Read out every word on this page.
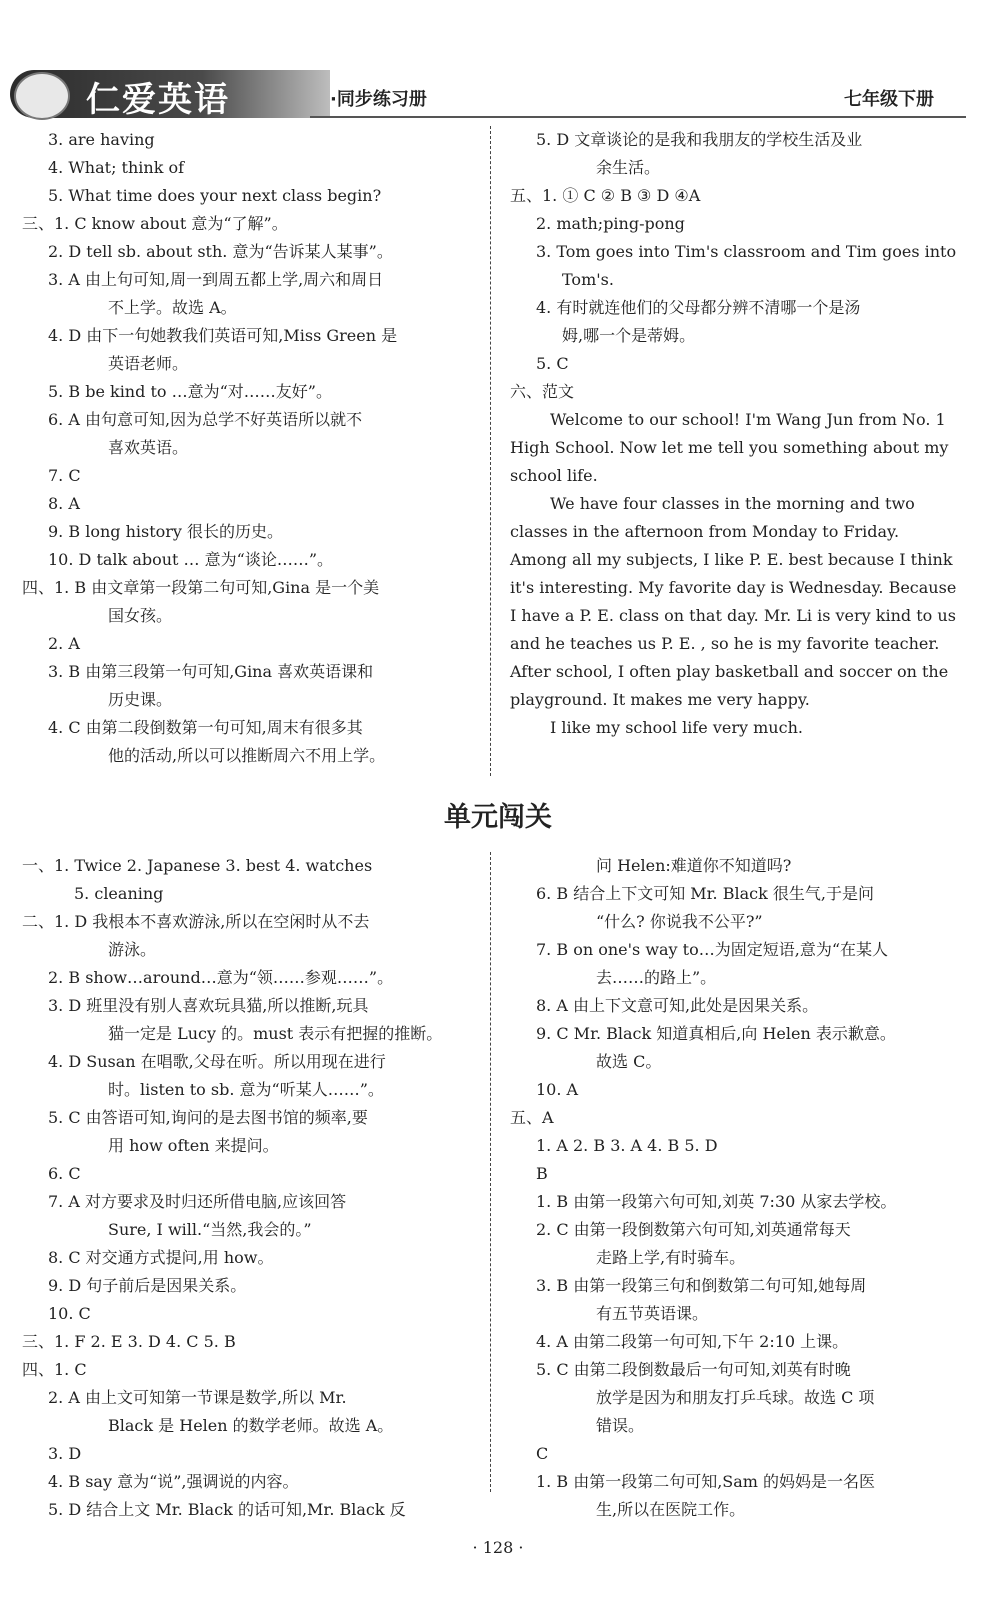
仁爱英语	·同步练习册	七年级下册
3. are having
4. What; think of
5. What time does your next class begin?
三、1. C know about 意为“了解”。
2. D tell sb. about sth. 意为“告诉某人某事”。
3. A 由上句可知,周一到周五都上学,周六和周日
不上学。故选 A。
4. D 由下一句她教我们英语可知,Miss Green 是
英语老师。
5. B be kind to …意为“对……友好”。
6. A 由句意可知,因为总学不好英语所以就不
喜欢英语。
7. C
8. A
9. B long history 很长的历史。
10. D talk about … 意为“谈论……”。
四、1. B 由文章第一段第二句可知,Gina 是一个美
国女孩。
2. A
3. B 由第三段第一句可知,Gina 喜欢英语课和
历史课。
4. C 由第二段倒数第一句可知,周末有很多其
他的活动,所以可以推断周六不用上学。
5. D 文章谈论的是我和我朋友的学校生活及业
余生活。
五、1. ① C ② B ③ D ④A
2. math;ping-pong
3. Tom goes into Tim's classroom and Tim goes into
Tom's.
4. 有时就连他们的父母都分辨不清哪一个是汤
姆,哪一个是蒂姆。
5. C
六、范文
Welcome to our school! I'm Wang Jun from No. 1 High School. Now let me tell you something about my school life.
We have four classes in the morning and two classes in the afternoon from Monday to Friday. Among all my subjects, I like P. E. best because I think it's interesting. My favorite day is Wednesday. Because I have a P. E. class on that day. Mr. Li is very kind to us and he teaches us P. E. , so he is my favorite teacher. After school, I often play basketball and soccer on the playground. It makes me very happy.
I like my school life very much.
单元闯关
一、1. Twice 2. Japanese 3. best 4. watches
5. cleaning
二、1. D 我根本不喜欢游泳,所以在空闲时从不去
游泳。
2. B show…around…意为“领……参观……”。
3. D 班里没有别人喜欢玩具猫,所以推断,玩具
猫一定是 Lucy 的。must 表示有把握的推断。
4. D Susan 在唱歌,父母在听。所以用现在进行
时。listen to sb. 意为“听某人……”。
5. C 由答语可知,询问的是去图书馆的频率,要
用 how often 来提问。
6. C
7. A 对方要求及时归还所借电脑,应该回答
Sure, I will.“当然,我会的。”
8. C 对交通方式提问,用 how。
9. D 句子前后是因果关系。
10. C
三、1. F 2. E 3. D 4. C 5. B
四、1. C
2. A 由上文可知第一节课是数学,所以 Mr.
Black 是 Helen 的数学老师。故选 A。
3. D
4. B say 意为“说”,强调说的内容。
5. D 结合上文 Mr. Black 的话可知,Mr. Black 反
问 Helen:难道你不知道吗?
6. B 结合上下文可知 Mr. Black 很生气,于是问
“什么? 你说我不公平?”
7. B on one's way to…为固定短语,意为“在某人
去……的路上”。
8. A 由上下文意可知,此处是因果关系。
9. C Mr. Black 知道真相后,向 Helen 表示歉意。
故选 C。
10. A
五、A
1. A 2. B 3. A 4. B 5. D
B
1. B 由第一段第六句可知,刘英 7:30 从家去学校。
2. C 由第一段倒数第六句可知,刘英通常每天
走路上学,有时骑车。
3. B 由第一段第三句和倒数第二句可知,她每周
有五节英语课。
4. A 由第二段第一句可知,下午 2:10 上课。
5. C 由第二段倒数最后一句可知,刘英有时晚
放学是因为和朋友打乒乓球。故选 C 项
错误。
C
1. B 由第一段第二句可知,Sam 的妈妈是一名医
生,所以在医院工作。
· 128 ·
